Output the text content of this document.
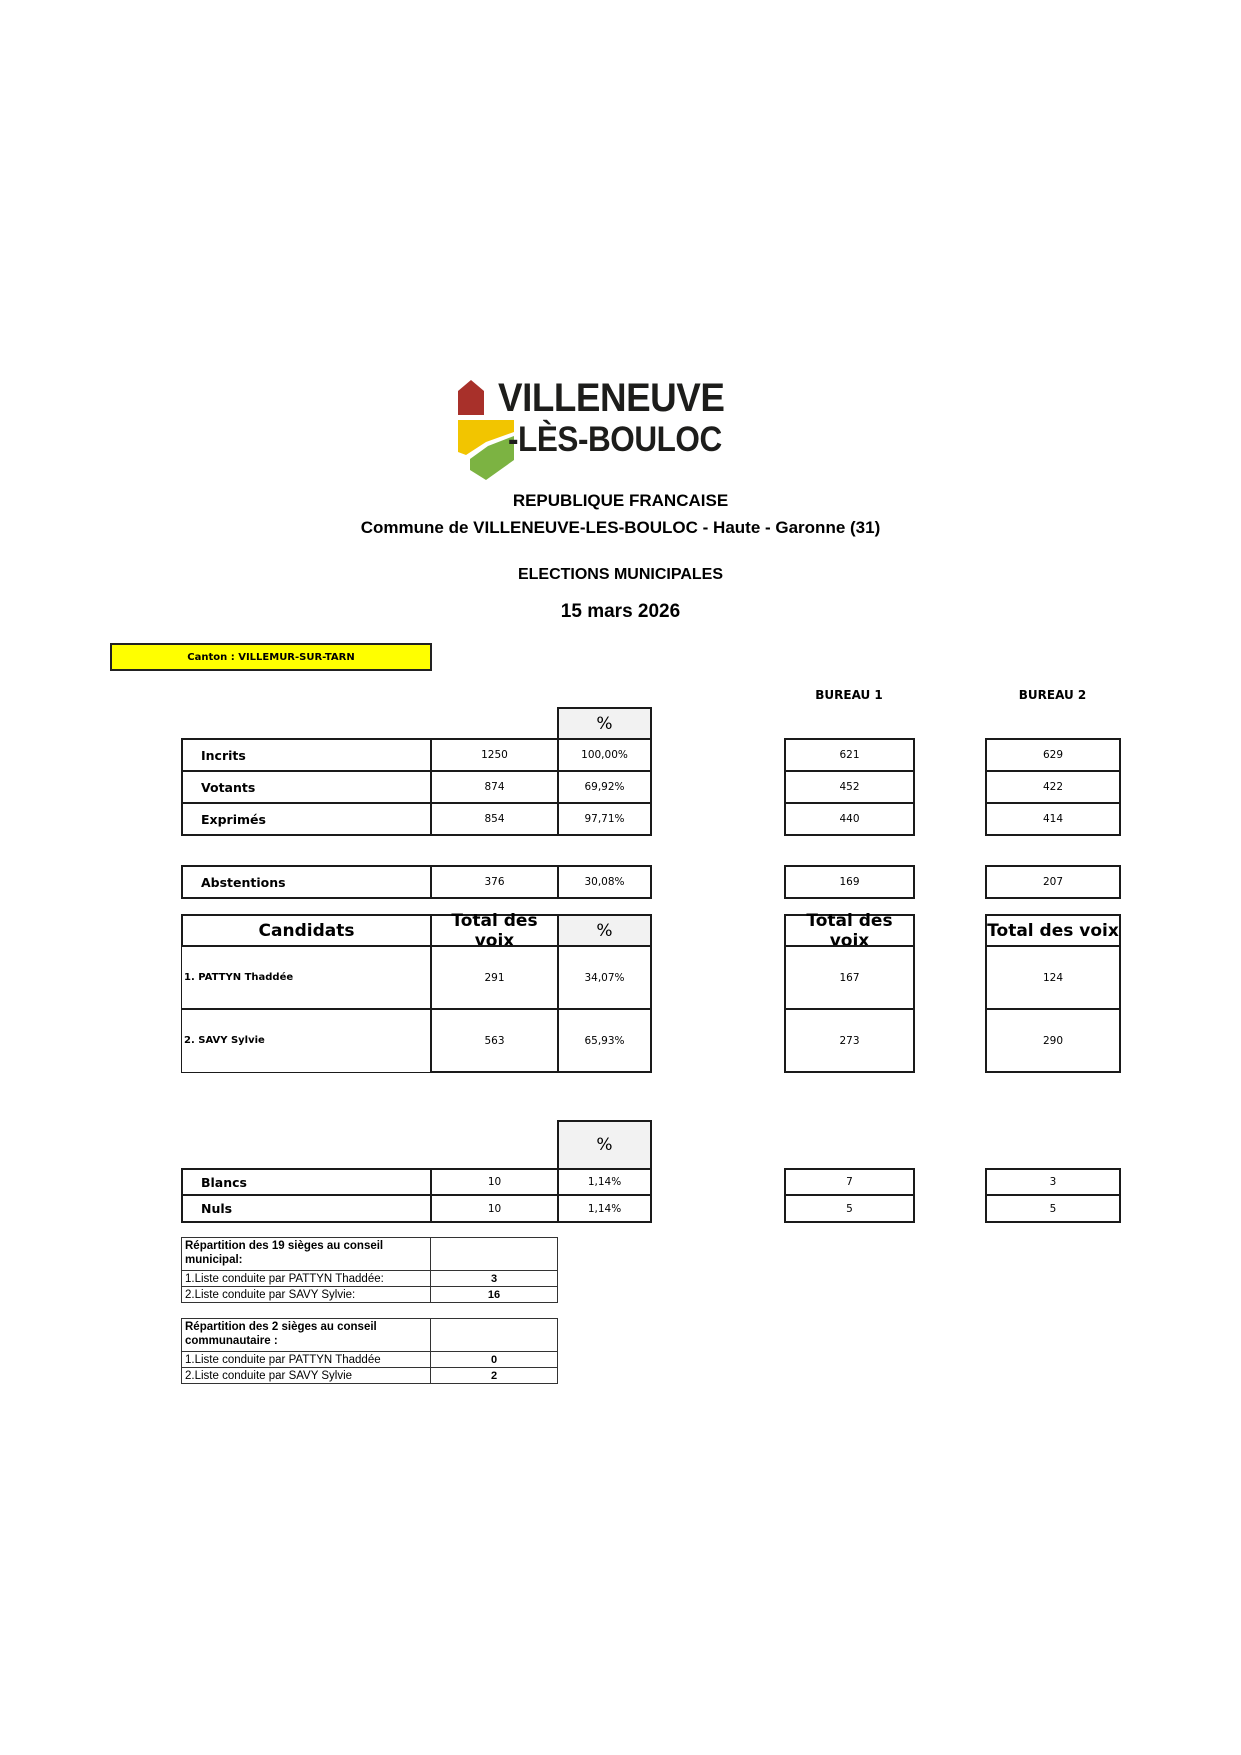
VILLENEUVE
-LÈS-BOULOC
REPUBLIQUE FRANCAISE
Commune de VILLENEUVE-LES-BOULOC - Haute - Garonne (31)
ELECTIONS MUNICIPALES
15 mars 2026
Canton : VILLEMUR-SUR-TARN
BUREAU 1	BUREAU 2
%
Incrits	1250	100,00%	621	629
Votants	874	69,92%	452	422
Exprimés	854	97,71%	440	414
Abstentions	376	30,08%	169	207
Candidats	Total des voix	%	Total des voix	Total des voix
1. PATTYN Thaddée	291	34,07%	167	124
2. SAVY Sylvie	563	65,93%	273	290
%
Blancs	10	1,14%	7	3
Nuls	10	1,14%	5	5
Répartition des 19 sièges au conseil municipal:
1.Liste conduite par PATTYN Thaddée:	3
2.Liste conduite par SAVY Sylvie:	16
Répartition des 2 sièges au conseil communautaire :
1.Liste conduite par PATTYN Thaddée	0
2.Liste conduite par SAVY Sylvie	2
